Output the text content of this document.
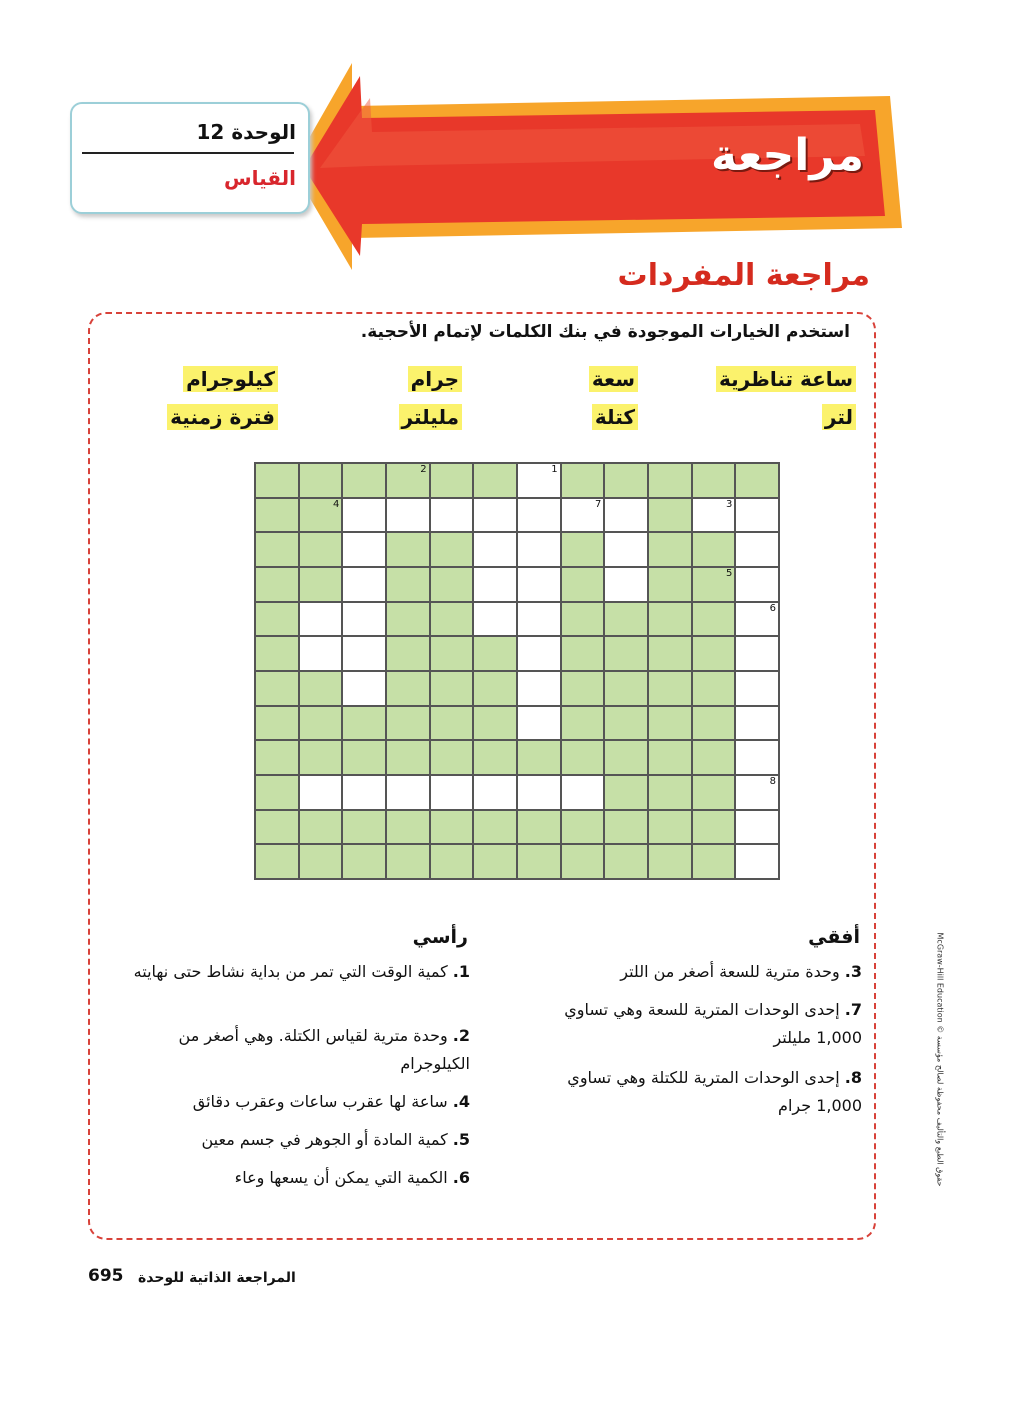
مراجعة
الوحدة 12
القياس
مراجعة المفردات
استخدم الخيارات الموجودة في بنك الكلمات لإتمام الأحجية.
ساعة تناظرية
سعة
جرام
كيلوجرام
لتر
كتلة
مليلتر
فترة زمنية
2	1
4	7	3
5
6
8
أفقي
3. وحدة مترية للسعة أصغر من اللتر
7. إحدى الوحدات المترية للسعة وهي تساوي 1,000 مليلتر
8. إحدى الوحدات المترية للكتلة وهي تساوي 1,000 جرام
رأسي
1. كمية الوقت التي تمر من بداية نشاط حتى نهايته
2. وحدة مترية لقياس الكتلة. وهي أصغر من الكيلوجرام
4. ساعة لها عقرب ساعات وعقرب دقائق
5. كمية المادة أو الجوهر في جسم معين
6. الكمية التي يمكن أن يسعها وعاء
McGraw-Hill Education © حقوق الطبع والتأليف محفوظة لصالح مؤسسة
المراجعة الذاتية للوحدة
695
